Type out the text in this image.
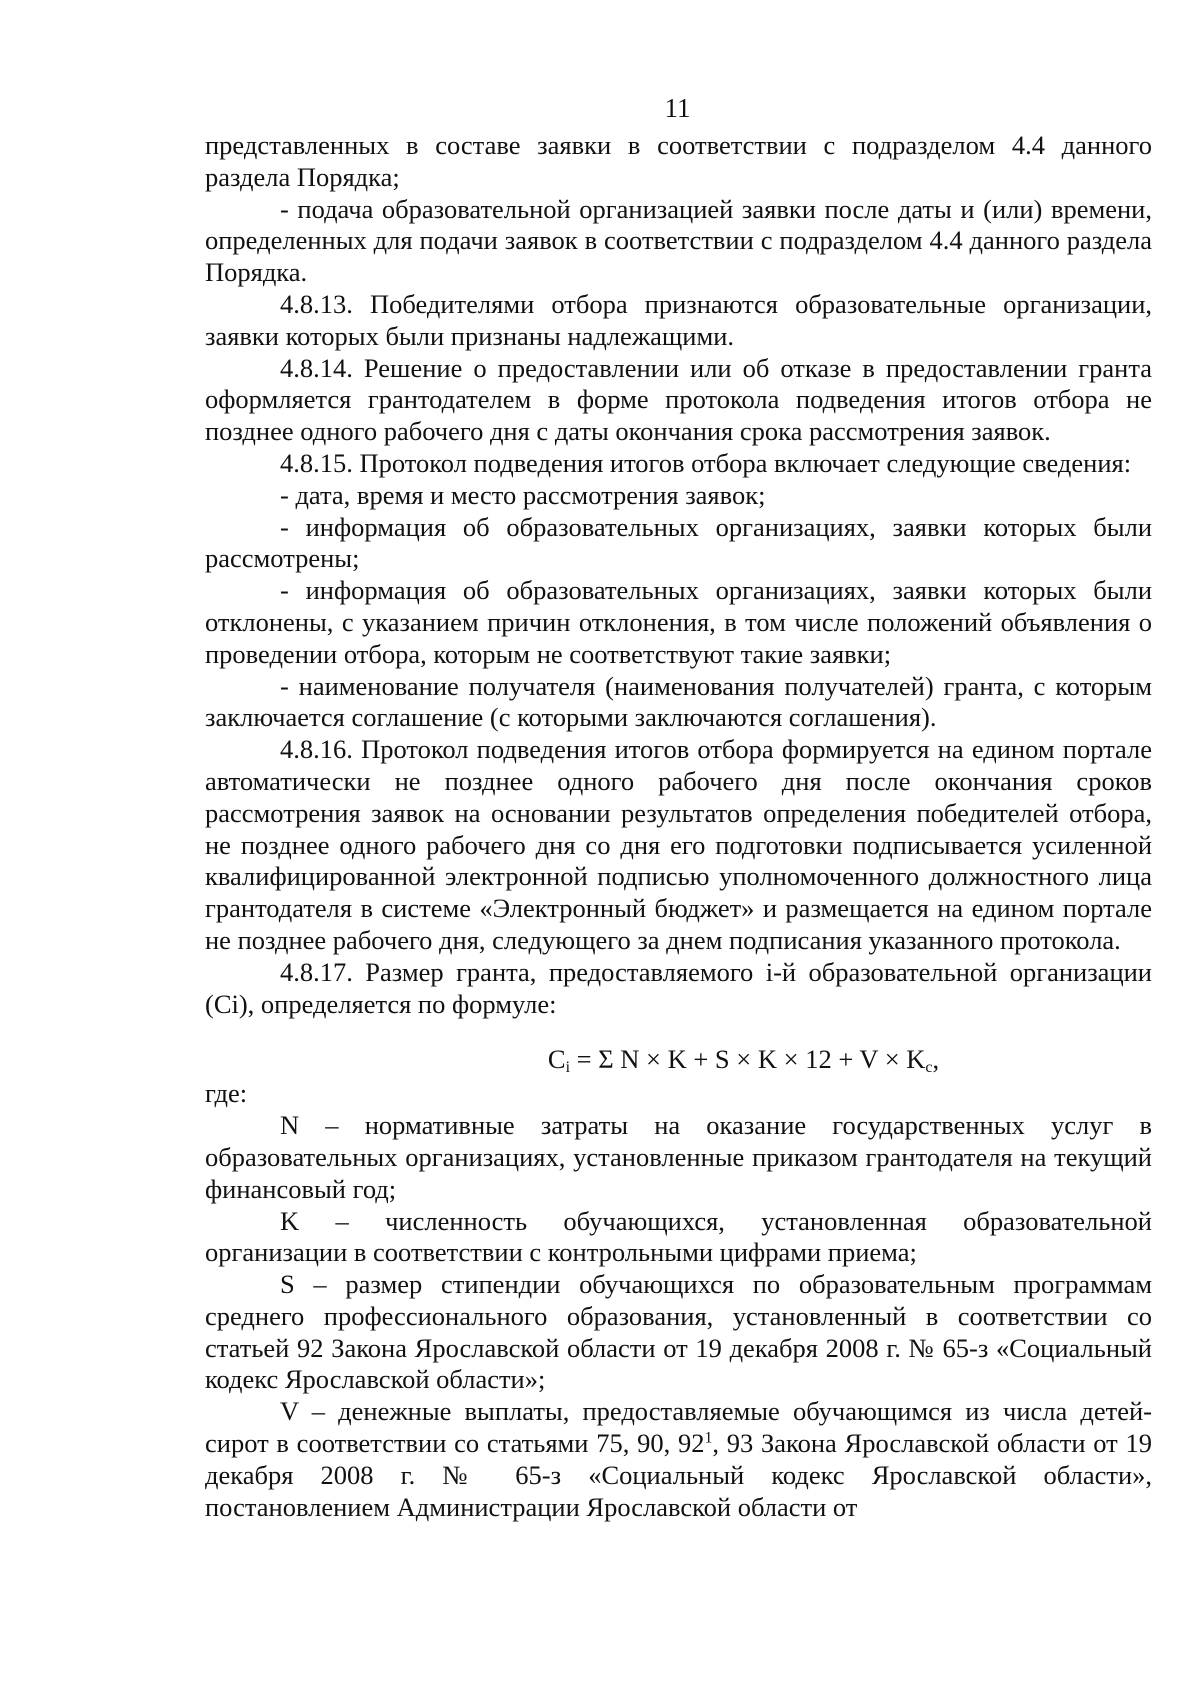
11

представленных в составе заявки в соответствии с подразделом 4.4 данного раздела Порядка;

- подача образовательной организацией заявки после даты и (или) времени, определенных для подачи заявок в соответствии с подразделом 4.4 данного раздела Порядка.

4.8.13. Победителями отбора признаются образовательные организации, заявки которых были признаны надлежащими.

4.8.14. Решение о предоставлении или об отказе в предоставлении гранта оформляется грантодателем в форме протокола подведения итогов отбора не позднее одного рабочего дня с даты окончания срока рассмотрения заявок.

4.8.15. Протокол подведения итогов отбора включает следующие сведения:

- дата, время и место рассмотрения заявок;

- информация об образовательных организациях, заявки которых были рассмотрены;

- информация об образовательных организациях, заявки которых были отклонены, с указанием причин отклонения, в том числе положений объявления о проведении отбора, которым не соответствуют такие заявки;

- наименование получателя (наименования получателей) гранта, с которым заключается соглашение (с которыми заключаются соглашения).

4.8.16. Протокол подведения итогов отбора формируется на едином портале автоматически не позднее одного рабочего дня после окончания сроков рассмотрения заявок на основании результатов определения победителей отбора, не позднее одного рабочего дня со дня его подготовки подписывается усиленной квалифицированной электронной подписью уполномоченного должностного лица грантодателя в системе «Электронный бюджет» и размещается на едином портале не позднее рабочего дня, следующего за днем подписания указанного протокола.

4.8.17. Размер гранта, предоставляемого i-й образовательной организации (Ci), определяется по формуле:

$C_i = \Sigma$ $N \times K + S \times K \times 12 + V \times K_c$,

где:

N – нормативные затраты на оказание государственных услуг в образовательных организациях, установленные приказом грантодателя на текущий финансовый год;

K – численность обучающихся, установленная образовательной организации в соответствии с контрольными цифрами приема;

S – размер стипендии обучающихся по образовательным программам среднего профессионального образования, установленный в соответствии со статьей 92 Закона Ярославской области от 19 декабря 2008 г. № 65-з «Социальный кодекс Ярославской области»;

V – денежные выплаты, предоставляемые обучающимся из числа детей-сирот в соответствии со статьями 75, 90, $92^1$, 93 Закона Ярославской области от 19 декабря 2008 г. № 65-з «Социальный кодекс Ярославской области», постановлением Администрации Ярославской области от
